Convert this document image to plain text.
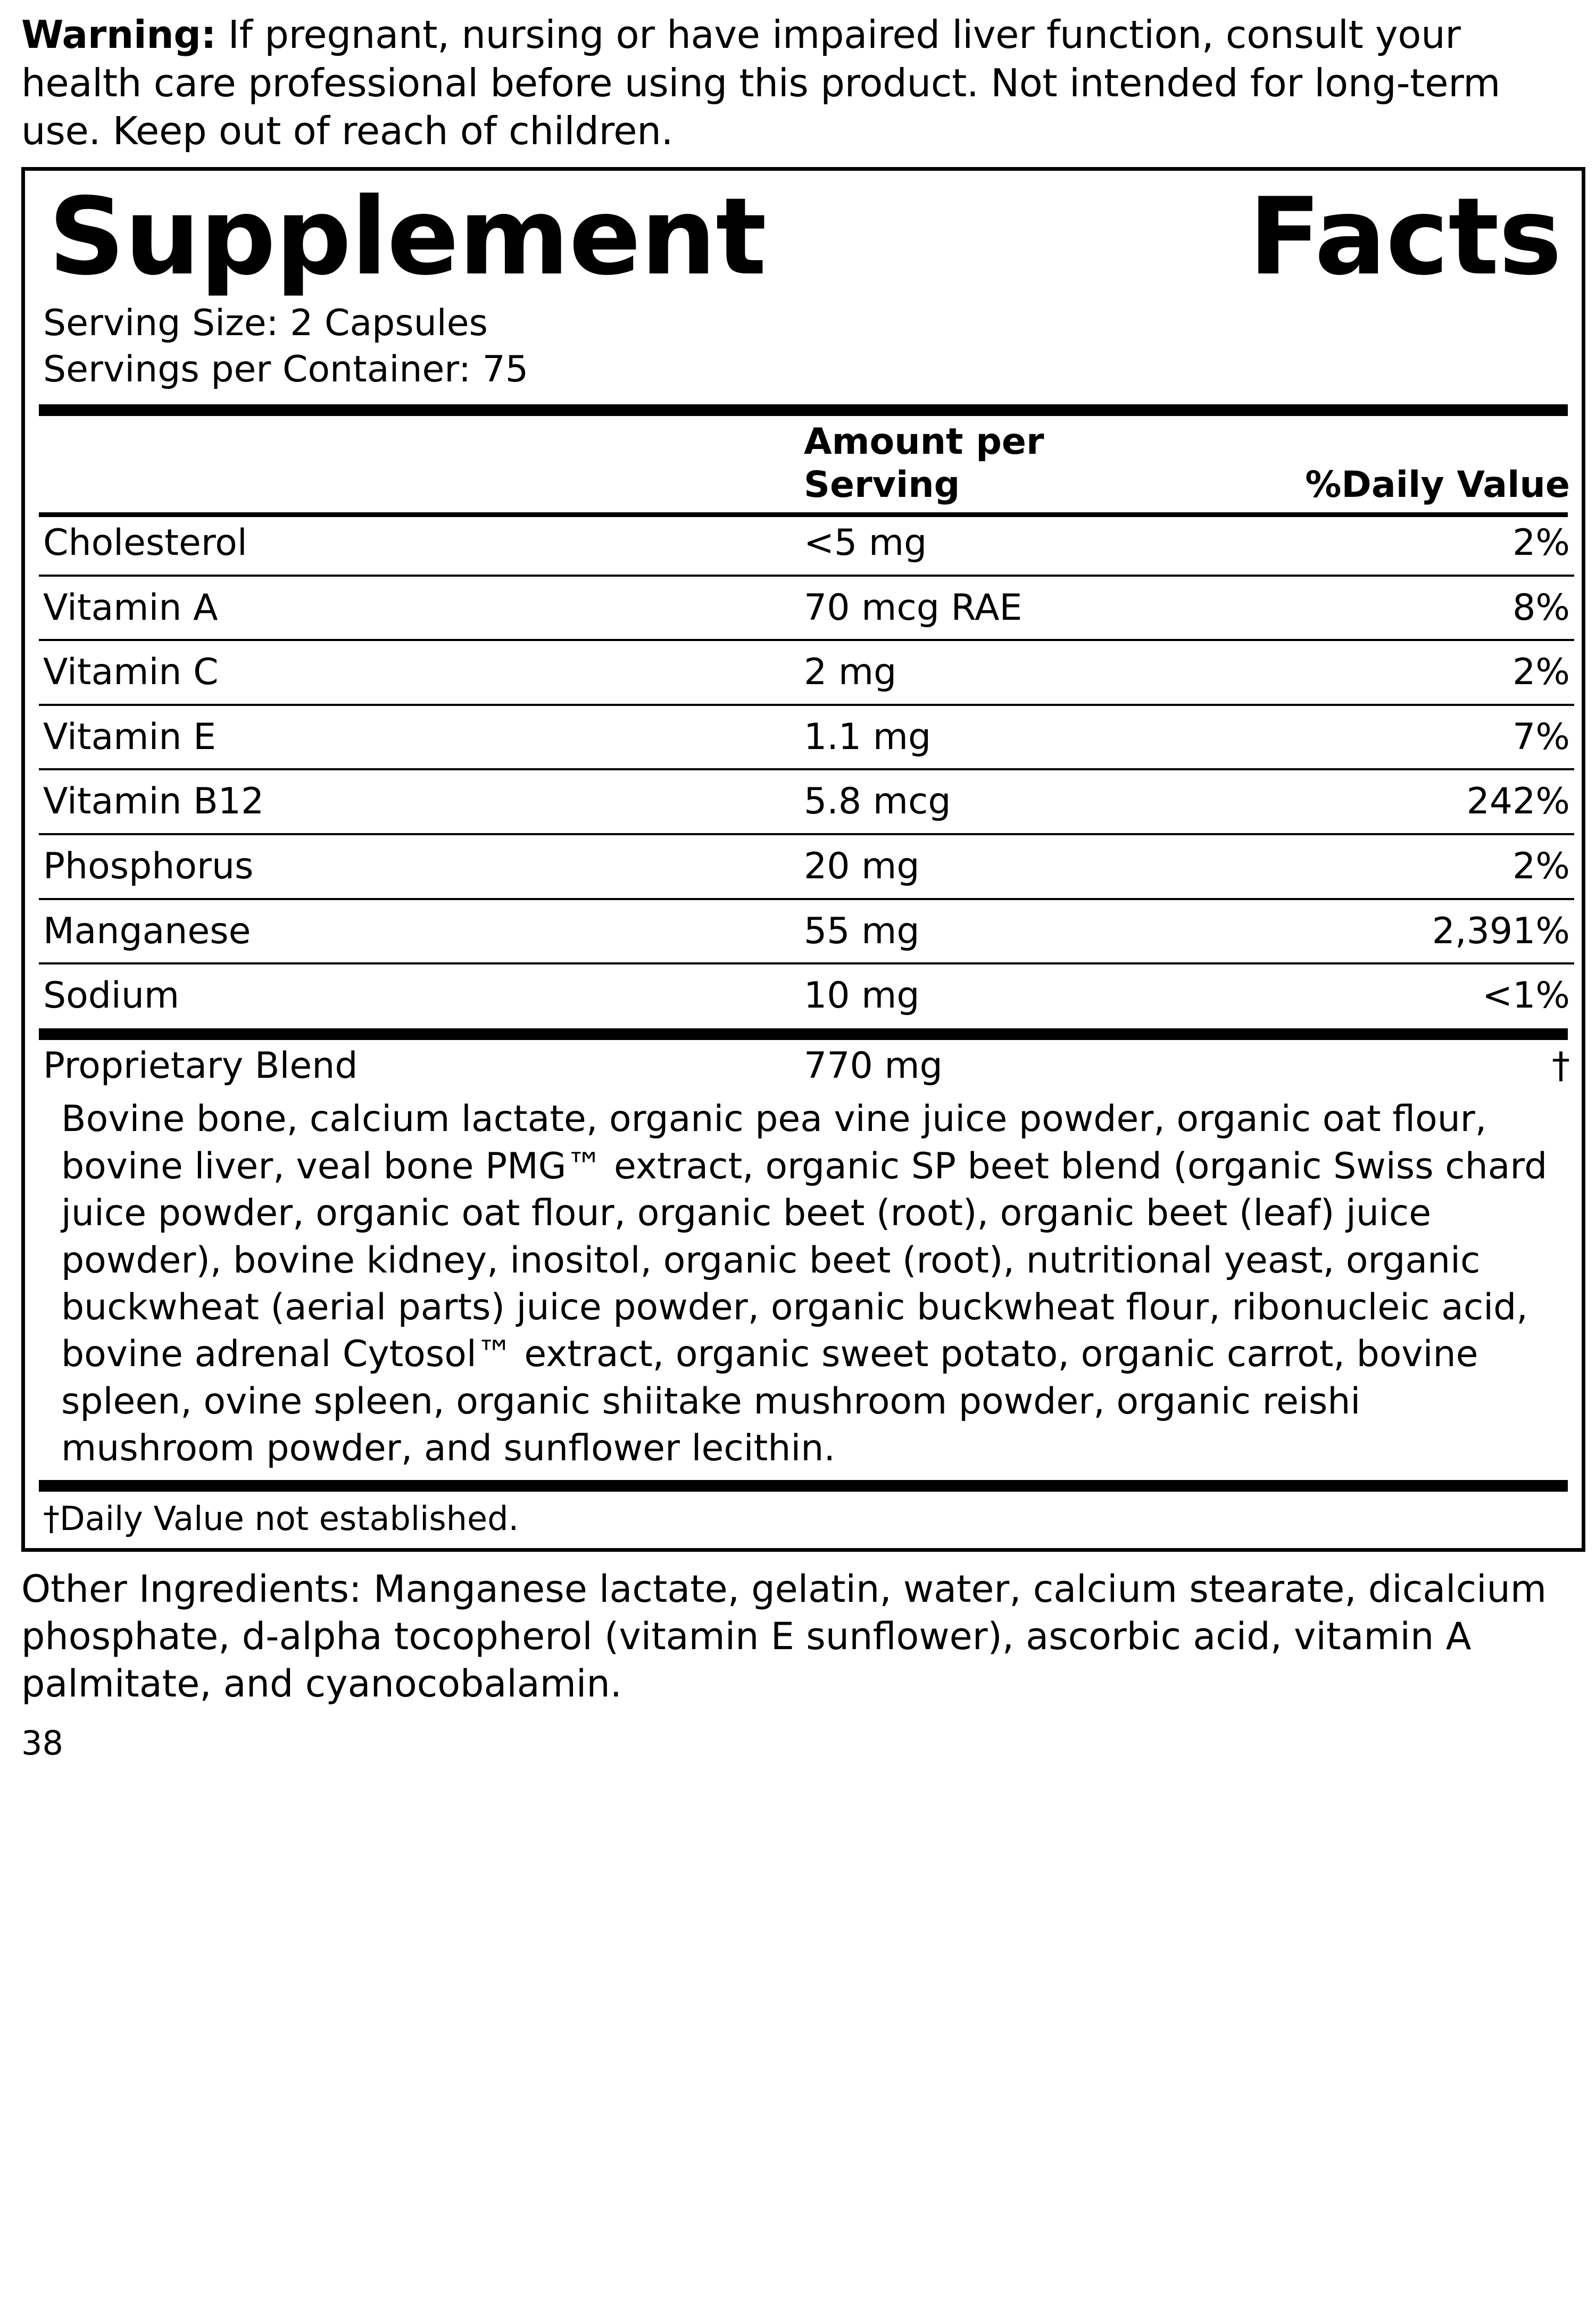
Warning: If pregnant, nursing or have impaired liver function, consult your health care professional before using this product. Not intended for long-term use. Keep out of reach of children.

Supplement	Facts

Serving Size: 2 Capsules

Servings per Container: 75

	Amount per Serving	%Daily Value
Cholesterol	<5 mg	2%

Vitamin A	70 mcg RAE	8%

Vitamin C	2 mg	2%

Vitamin E	1.1 mg	7%

Vitamin B12	5.8 mcg	242%

Phosphorus	20 mg	2%

Manganese	55 mg	2,391%

Sodium	10 mg	<1%
Proprietary Blend	770 mg	†

Bovine bone, calcium lactate, organic pea vine juice powder, organic oat flour, bovine liver, veal bone PMG™ extract, organic SP beet blend (organic Swiss chard juice powder, organic oat flour, organic beet (root), organic beet (leaf) juice powder), bovine kidney, inositol, organic beet (root), nutritional yeast, organic buckwheat (aerial parts) juice powder, organic buckwheat flour, ribonucleic acid, bovine adrenal Cytosol™ extract, organic sweet potato, organic carrot, bovine spleen, ovine spleen, organic shiitake mushroom powder, organic reishi mushroom powder, and sunflower lecithin.

†Daily Value not established.

Other Ingredients: Manganese lactate, gelatin, water, calcium stearate, dicalcium phosphate, d-alpha tocopherol (vitamin E sunflower), ascorbic acid, vitamin A palmitate, and cyanocobalamin.

38
